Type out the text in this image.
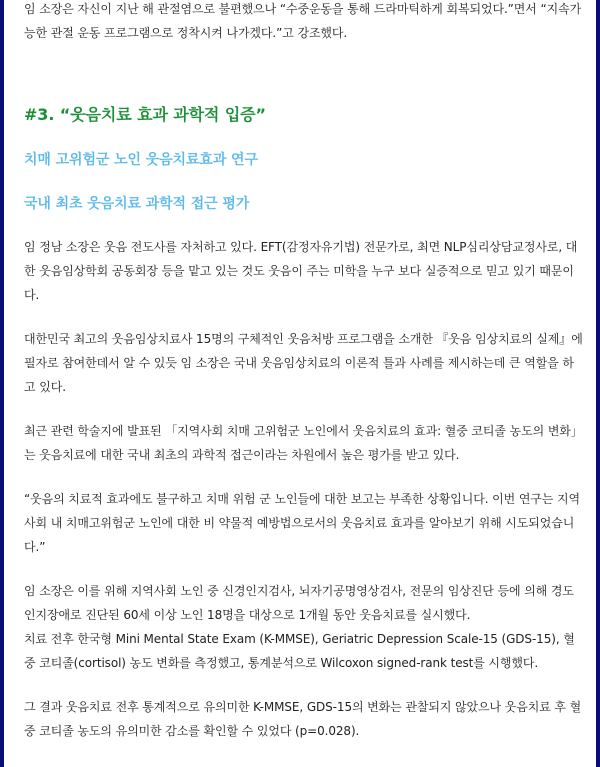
임 소장은 자신이 지난 해 관절염으로 불편했으나 “수중운동을 통해 드라마틱하게 회복되었다.”면서 “지속가능한 관절 운동 프로그램으로 정착시켜 나가겠다.”고 강조했다.

#3. “웃음치료 효과 과학적 입증”
치매 고위험군 노인 웃음치료효과 연구
국내 최초 웃음치료 과학적 접근 평가

임 정남 소장은 웃음 전도사를 자처하고 있다. EFT(감정자유기법) 전문가로, 최면 NLP심리상담교정사로, 대한 웃음임상학회 공동회장 등을 맡고 있는 것도 웃음이 주는 미학을 누구 보다 실증적으로 믿고 있기 때문이다.

대한민국 최고의 웃음임상치료사 15명의 구체적인 웃음처방 프로그램을 소개한 『웃음 임상치료의 실제』에 필자로 참여한데서 알 수 있듯 임 소장은 국내 웃음임상치료의 이론적 틀과 사례를 제시하는데 큰 역할을 하고 있다.

최근 관련 학술지에 발표된 「지역사회 치매 고위험군 노인에서 웃음치료의 효과: 혈중 코티졸 농도의 변화」는 웃음치료에 대한 국내 최초의 과학적 접근이라는 차원에서 높은 평가를 받고 있다.

“웃음의 치료적 효과에도 불구하고 치매 위험 군 노인들에 대한 보고는 부족한 상황입니다. 이번 연구는 지역사회 내 치매고위험군 노인에 대한 비 약물적 예방법으로서의 웃음치료 효과를 알아보기 위해 시도되었습니다.”

임 소장은 이를 위해 지역사회 노인 중 신경인지검사, 뇌자기공명영상검사, 전문의 임상진단 등에 의해 경도인지장애로 진단된 60세 이상 노인 18명을 대상으로 1개월 동안 웃음치료를 실시했다.

치료 전후 한국형 Mini Mental State Exam (K-MMSE), Geriatric Depression Scale-15 (GDS-15), 혈중 코티졸(cortisol) 농도 변화를 측정했고, 통계분석으로 Wilcoxon signed-rank test를 시행했다.

그 결과 웃음치료 전후 통계적으로 유의미한 K-MMSE, GDS-15의 변화는 관찰되지 않았으나 웃음치료 후 혈중 코티졸 농도의 유의미한 감소를 확인할 수 있었다 (p=0.028).
